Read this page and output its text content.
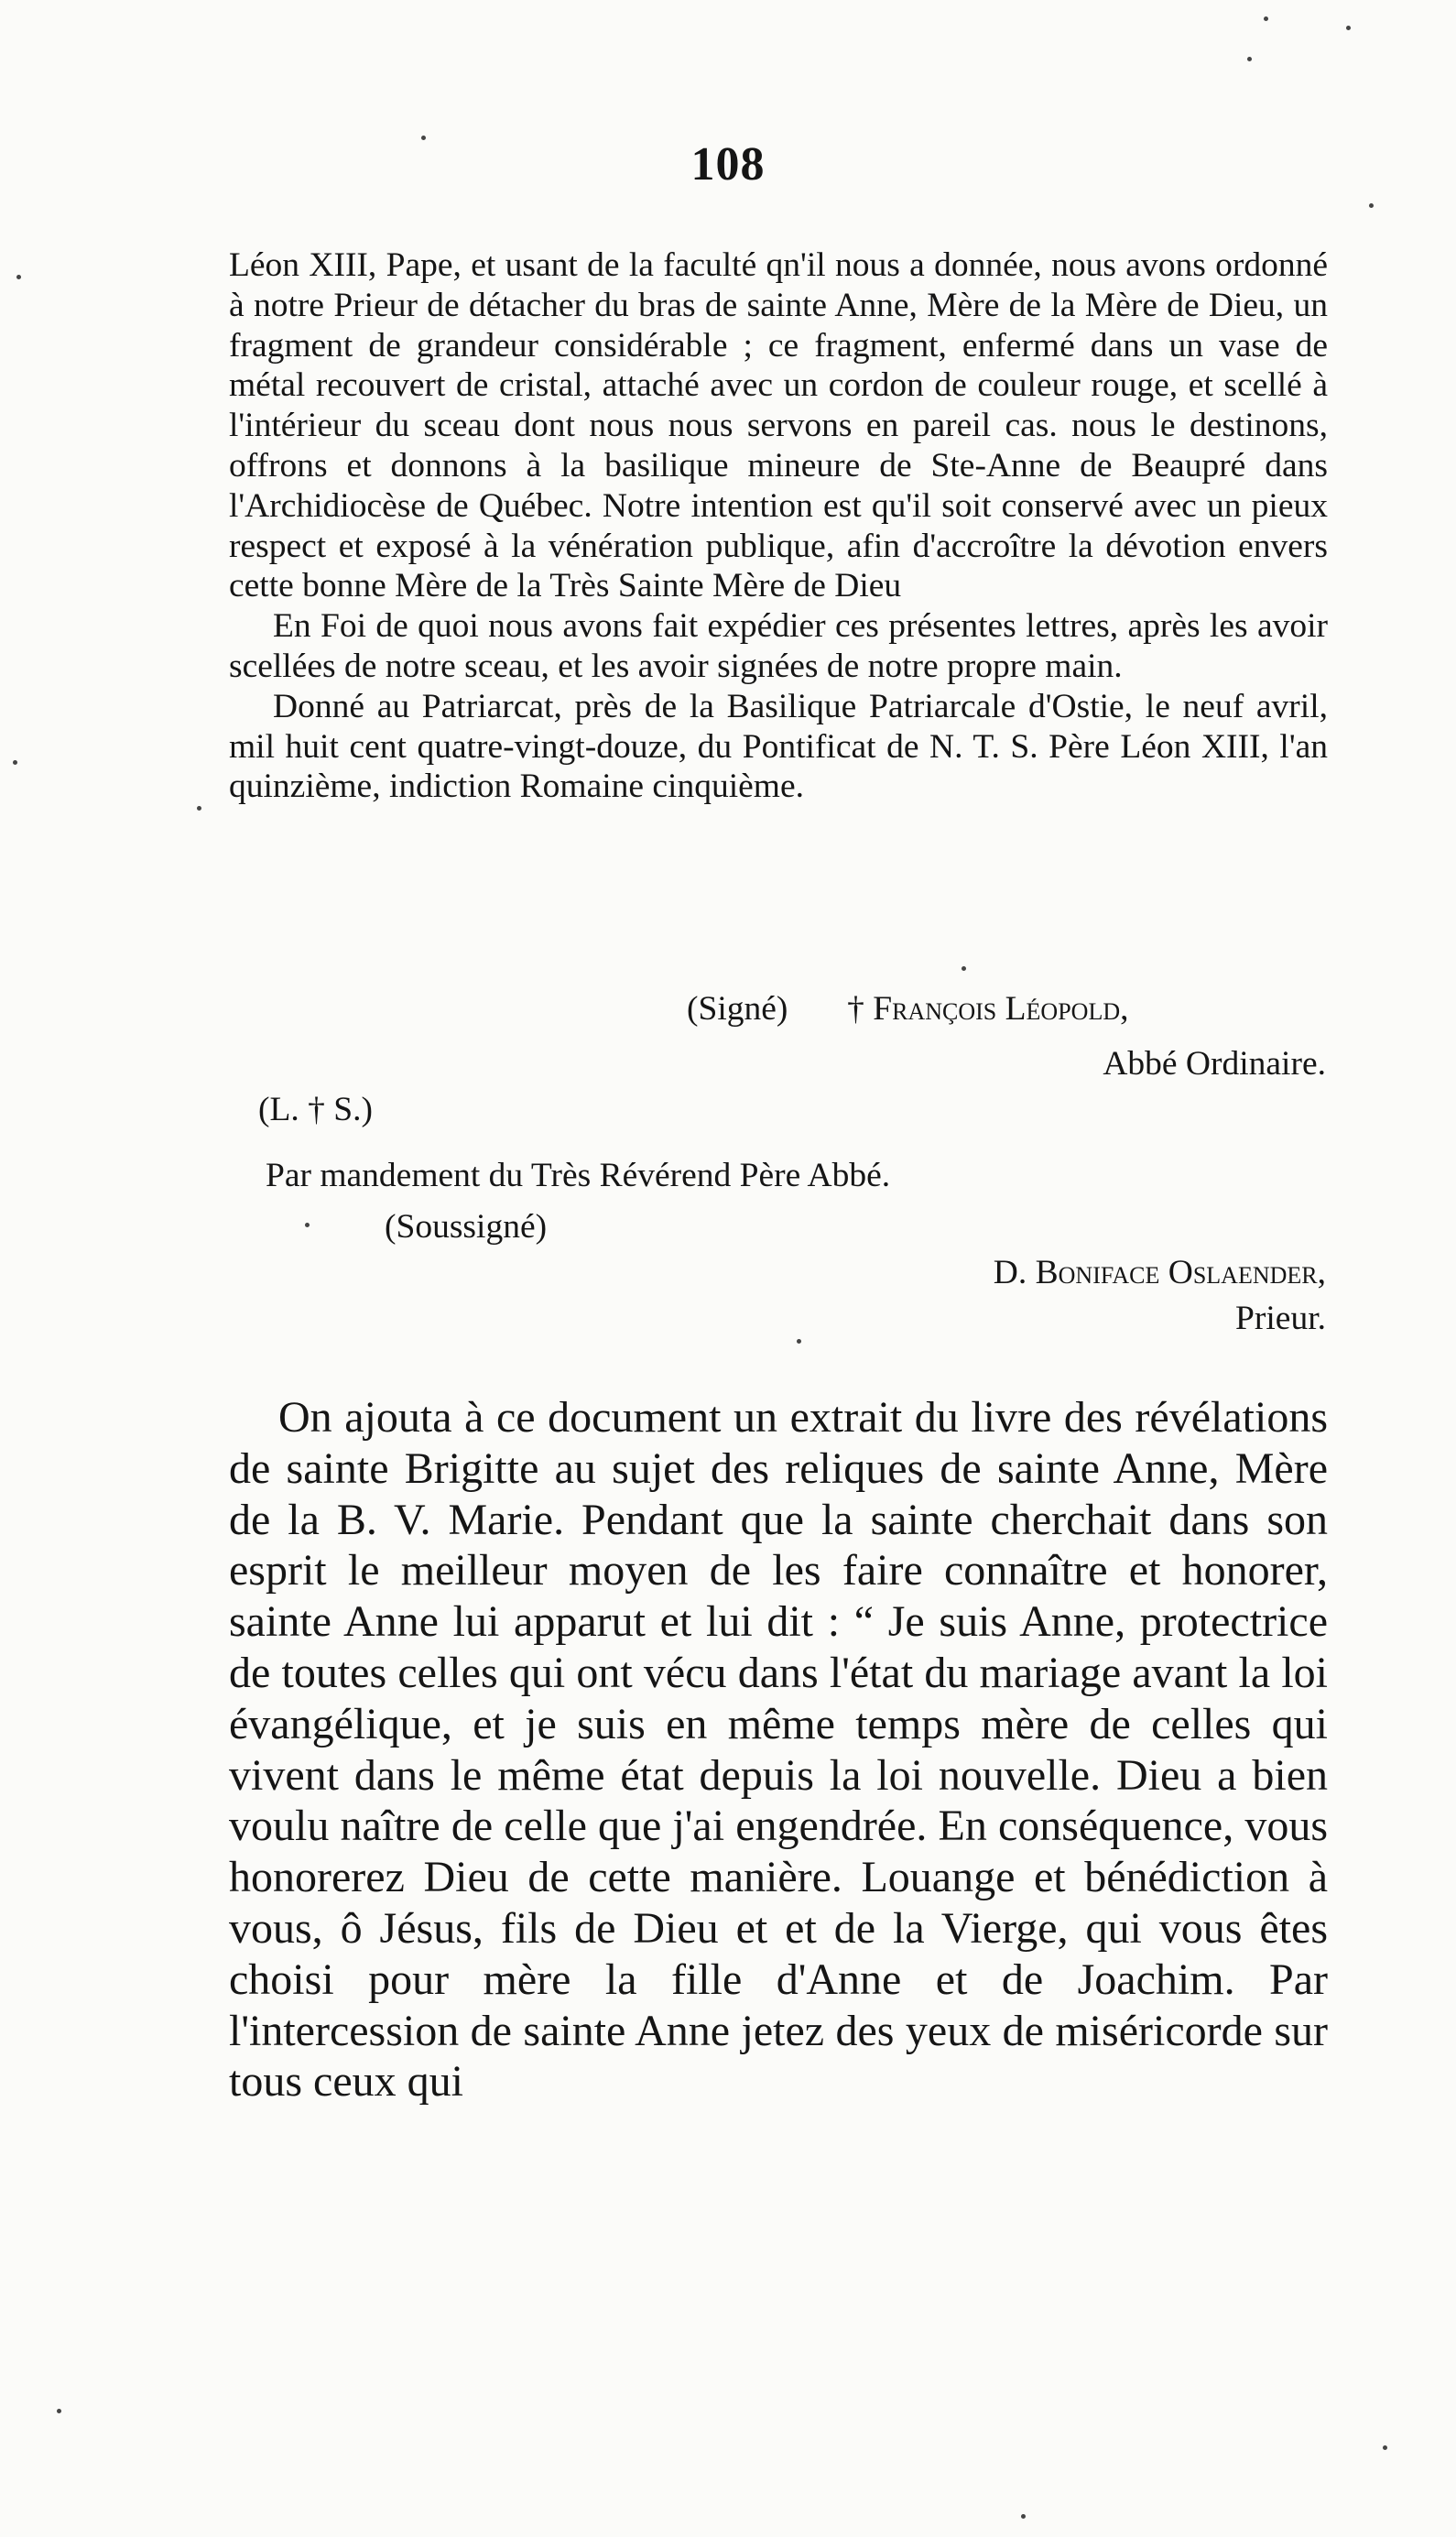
108

Léon XIII, Pape, et usant de la faculté qn'il nous a donnée, nous avons ordonné à notre Prieur de détacher du bras de sainte Anne, Mère de la Mère de Dieu, un fragment de grandeur considérable ; ce fragment, enfermé dans un vase de métal recouvert de cristal, attaché avec un cordon de couleur rouge, et scellé à l'intérieur du sceau dont nous nous servons en pareil cas. nous le destinons, offrons et donnons à la basilique mineure de Ste-Anne de Beaupré dans l'Archidiocèse de Québec. Notre intention est qu'il soit conservé avec un pieux respect et exposé à la vénération publique, afin d'accroître la dévotion envers cette bonne Mère de la Très Sainte Mère de Dieu

En Foi de quoi nous avons fait expédier ces présentes lettres, après les avoir scellées de notre sceau, et les avoir signées de notre propre main.

Donné au Patriarcat, près de la Basilique Patriarcale d'Ostie, le neuf avril, mil huit cent quatre-vingt-douze, du Pontificat de N. T. S. Père Léon XIII, l'an quinzième, indiction Romaine cinquième.

(Signé) † François Léopold,
Abbé Ordinaire.
(L. † S.)
Par mandement du Très Révérend Père Abbé.
(Soussigné)
D. Boniface Oslaender,
Prieur.

On ajouta à ce document un extrait du livre des révélations de sainte Brigitte au sujet des reliques de sainte Anne, Mère de la B. V. Marie. Pendant que la sainte cherchait dans son esprit le meilleur moyen de les faire connaître et honorer, sainte Anne lui apparut et lui dit : “ Je suis Anne, protectrice de toutes celles qui ont vécu dans l'état du mariage avant la loi évangélique, et je suis en même temps mère de celles qui vivent dans le même état depuis la loi nouvelle. Dieu a bien voulu naître de celle que j'ai engendrée. En conséquence, vous honorerez Dieu de cette manière. Louange et bénédiction à vous, ô Jésus, fils de Dieu et et de la Vierge, qui vous êtes choisi pour mère la fille d'Anne et de Joachim. Par l'intercession de sainte Anne jetez des yeux de miséricorde sur tous ceux qui
